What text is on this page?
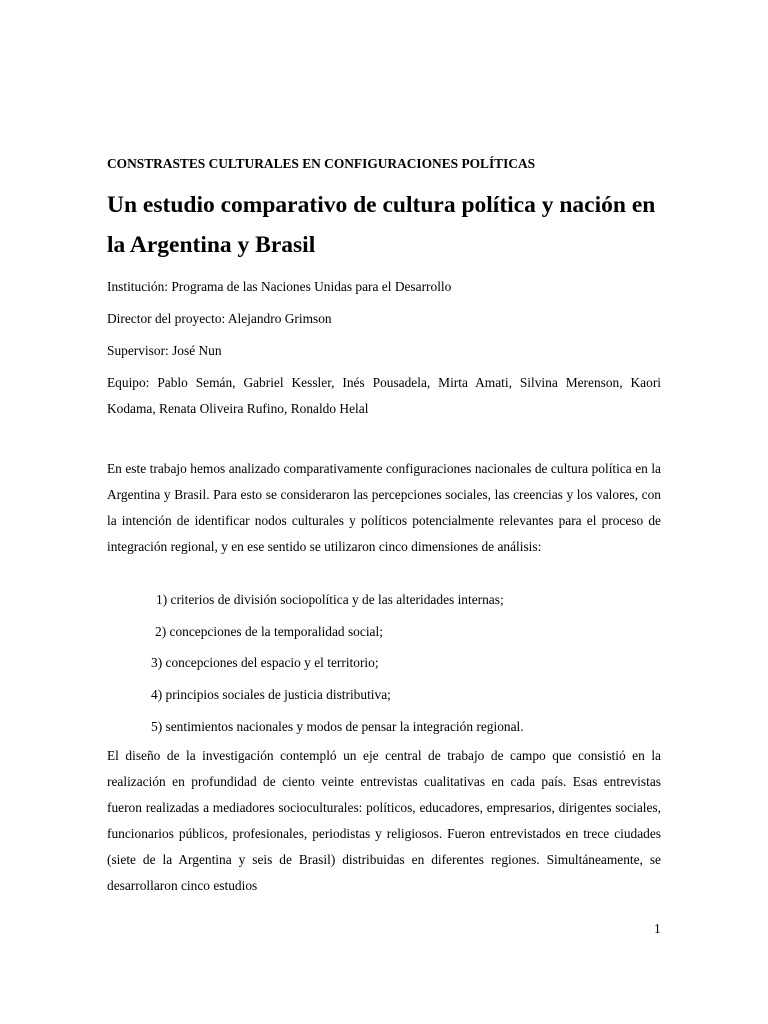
CONSTRASTES CULTURALES EN CONFIGURACIONES POLÍTICAS
Un estudio comparativo de cultura política y nación en la Argentina y Brasil

Institución: Programa de las Naciones Unidas para el Desarrollo

Director del proyecto: Alejandro Grimson

Supervisor: José Nun

Equipo: Pablo Semán, Gabriel Kessler, Inés Pousadela, Mirta Amati, Silvina Merenson, Kaori Kodama, Renata Oliveira Rufino, Ronaldo Helal

En este trabajo hemos analizado comparativamente configuraciones nacionales de cultura política en la Argentina y Brasil. Para esto se consideraron las percepciones sociales, las creencias y los valores, con la intención de identificar nodos culturales y políticos potencialmente relevantes para el proceso de integración regional, y en ese sentido se utilizaron cinco dimensiones de análisis:

1) criterios de división sociopolítica y de las alteridades internas;

2) concepciones de la temporalidad social;

3) concepciones del espacio y el territorio;

4) principios sociales de justicia distributiva;

5) sentimientos nacionales y modos de pensar la integración regional.

El diseño de la investigación contempló un eje central de trabajo de campo que consistió en la realización en profundidad de ciento veinte entrevistas cualitativas en cada país. Esas entrevistas fueron realizadas a mediadores socioculturales: políticos, educadores, empresarios, dirigentes sociales, funcionarios públicos, profesionales, periodistas y religiosos. Fueron entrevistados en trece ciudades (siete de la Argentina y seis de Brasil) distribuidas en diferentes regiones. Simultáneamente, se desarrollaron cinco estudios

1
